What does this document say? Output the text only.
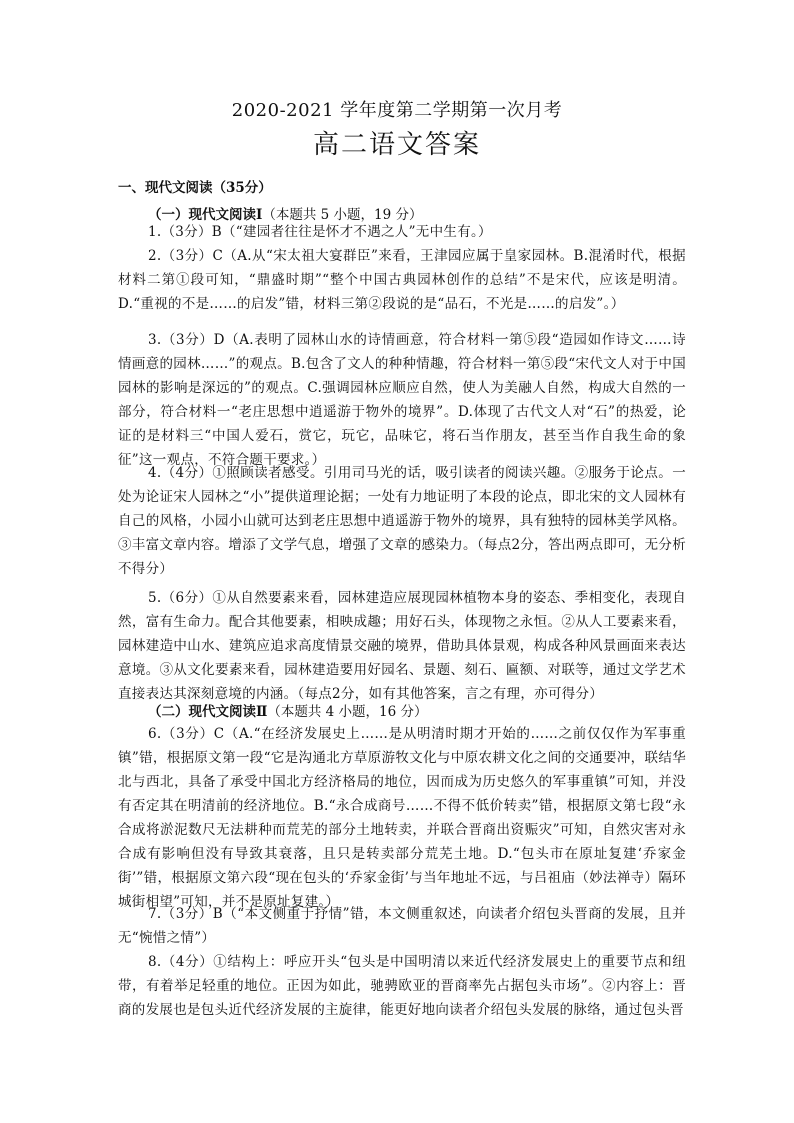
2020-2021 学年度第二学期第一次月考
高二语文答案
一、现代文阅读（35分）
（一）现代文阅读Ⅰ（本题共 5 小题，19 分）

1.（3分）B（“建园者往往是怀才不遇之人”无中生有。）

2.（3分）C（A.从“宋太祖大宴群臣”来看，王津园应属于皇家园林。B.混淆时代，根据材料二第①段可知，“鼎盛时期”“整个中国古典园林创作的总结”不是宋代，应该是明清。D.“重视的不是……的启发”错，材料三第②段说的是“品石，不光是……的启发”。）

3.（3分）D（A.表明了园林山水的诗情画意，符合材料一第⑤段“造园如作诗文……诗情画意的园林……”的观点。B.包含了文人的种种情趣，符合材料一第⑤段“宋代文人对于中国园林的影响是深远的”的观点。C.强调园林应顺应自然，使人为美融人自然，构成大自然的一部分，符合材料一“老庄思想中逍遥游于物外的境界”。D.体现了古代文人对“石”的热爱，论证的是材料三“中国人爱石，赏它，玩它，品味它，将石当作朋友，甚至当作自我生命的象征”这一观点，不符合题干要求。）

4.（4分）①照顾读者感受。引用司马光的话，吸引读者的阅读兴趣。②服务于论点。一处为论证宋人园林之“小”提供道理论据；一处有力地证明了本段的论点，即北宋的文人园林有自己的风格，小园小山就可达到老庄思想中逍遥游于物外的境界，具有独特的园林美学风格。③丰富文章内容。增添了文学气息，增强了文章的感染力。（每点2分，答出两点即可，无分析不得分）

5.（6分）①从自然要素来看，园林建造应展现园林植物本身的姿态、季相变化，表现自然，富有生命力。配合其他要素，相映成趣；用好石头，体现物之永恒。②从人工要素来看，园林建造中山水、建筑应追求高度情景交融的境界，借助具体景观，构成各种风景画面来表达意境。③从文化要素来看，园林建造要用好园名、景题、刻石、匾额、对联等，通过文学艺术直接表达其深刻意境的内涵。（每点2分，如有其他答案，言之有理，亦可得分）

（二）现代文阅读Ⅱ（本题共 4 小题，16 分）

6.（3分）C（A.“在经济发展史上……是从明清时期才开始的……之前仅仅作为军事重镇”错，根据原文第一段“它是沟通北方草原游牧文化与中原农耕文化之间的交通要冲，联结华北与西北，具备了承受中国北方经济格局的地位，因而成为历史悠久的军事重镇”可知，并没有否定其在明清前的经济地位。B.“永合成商号……不得不低价转卖”错，根据原文第七段“永合成将淤泥数尺无法耕种而荒芜的部分土地转卖，并联合晋商出资赈灾”可知，自然灾害对永合成有影响但没有导致其衰落，且只是转卖部分荒芜土地。D.“包头市在原址复建‘乔家金街’”错，根据原文第六段“现在包头的‘乔家金街’与当年地址不远，与吕祖庙（妙法禅寺）隔环城街相望”可知，并不是原址复建。）

7.（3分）B（“本文侧重于抒情”错，本文侧重叙述，向读者介绍包头晋商的发展，且并无“惋惜之情”）

8.（4分）①结构上：呼应开头“包头是中国明清以来近代经济发展史上的重要节点和纽带，有着举足轻重的地位。正因为如此，驰骋欧亚的晋商率先占据包头市场”。②内容上：晋商的发展也是包头近代经济发展的主旋律，能更好地向读者介绍包头发展的脉络，通过包头晋
